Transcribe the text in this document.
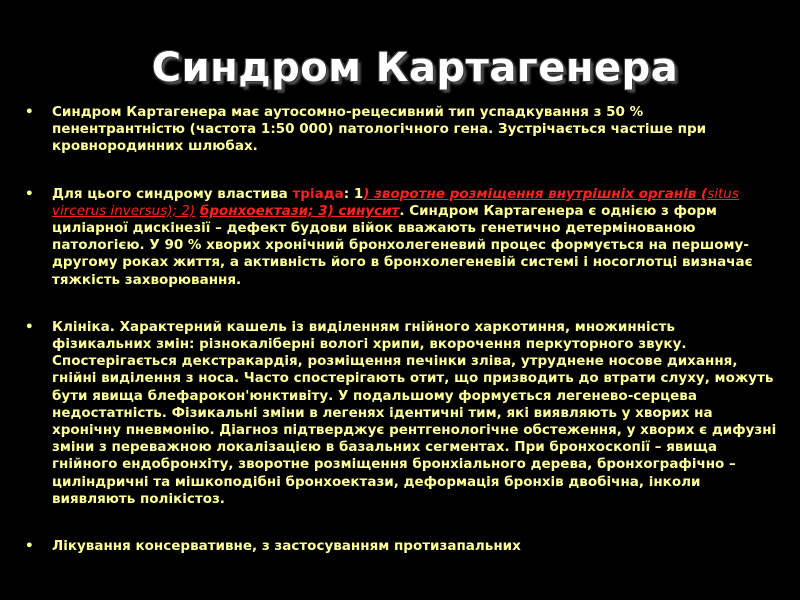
Синдром Картагенера
• Синдром Картагенера має аутосомно-рецесивний тип успадкування з 50 % пенентрантністю (частота 1:50 000) патологічного гена. Зустрічається частіше при кровнородинних шлюбах.
• Для цього синдрому властива тріада: 1) зворотне розміщення внутрішніх органів (situs vircerus inversus); 2) бронхоектази; 3) синусит. Синдром Картагенера є однією з форм циліарної дискінезії – дефект будови війок вважають генетично детермінованою патологією. У 90 % хворих хронічний бронхолегеневий процес формується на першому-другому роках життя, а активність його в бронхолегеневій системі і носоглотці визначає тяжкість захворювання.
• Клініка. Характерний кашель із виділенням гнійного харкотиння, множинність фізикальних змін: різнокаліберні вологі хрипи, вкорочення перкуторного звуку. Спостерігається декстракардія, розміщення печінки зліва, утруднене носове дихання, гнійні виділення з носа. Часто спостерігають отит, що призводить до втрати слуху, можуть бути явища блефарокон'юнктивіту. У подальшому формується легенево-серцева недостатність. Фізикальні зміни в легенях ідентичні тим, які виявляють у хворих на хронічну пневмонію. Діагноз підтверджує рентгенологічне обстеження, у хворих є дифузні зміни з переважною локалізацією в базальних сегментах. При бронхоскопії – явища гнійного ендобронхіту, зворотне розміщення бронхіального дерева, бронхографічно – циліндричні та мішкоподібні бронхоектази, деформація бронхів двобічна, інколи виявляють полікістоз.
• Лікування консервативне, з застосуванням протизапальних
